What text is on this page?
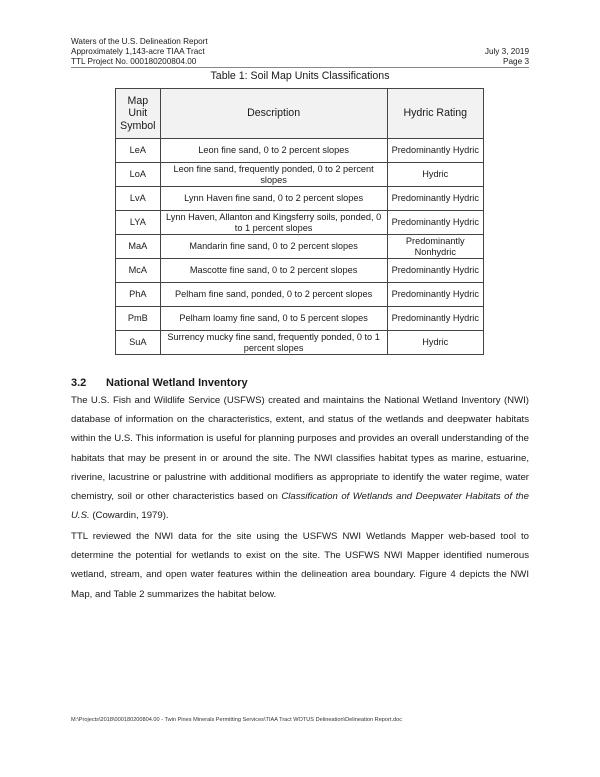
Waters of the U.S. Delineation Report
Approximately 1,143-acre TIAA Tract	July 3, 2019
TTL Project No. 000180200804.00	Page 3
Table 1: Soil Map Units Classifications
Map Unit Symbol	Description	Hydric Rating
LeA	Leon fine sand, 0 to 2 percent slopes	Predominantly Hydric
LoA	Leon fine sand, frequently ponded, 0 to 2 percent slopes	Hydric
LvA	Lynn Haven fine sand, 0 to 2 percent slopes	Predominantly Hydric
LYA	Lynn Haven, Allanton and Kingsferry soils, ponded, 0 to 1 percent slopes	Predominantly Hydric
MaA	Mandarin fine sand, 0 to 2 percent slopes	Predominantly Nonhydric
McA	Mascotte fine sand, 0 to 2 percent slopes	Predominantly Hydric
PhA	Pelham fine sand, ponded, 0 to 2 percent slopes	Predominantly Hydric
PmB	Pelham loamy fine sand, 0 to 5 percent slopes	Predominantly Hydric
SuA	Surrency mucky fine sand, frequently ponded, 0 to 1 percent slopes	Hydric
3.2 National Wetland Inventory

The U.S. Fish and Wildlife Service (USFWS) created and maintains the National Wetland Inventory (NWI) database of information on the characteristics, extent, and status of the wetlands and deepwater habitats within the U.S. This information is useful for planning purposes and provides an overall understanding of the habitats that may be present in or around the site. The NWI classifies habitat types as marine, estuarine, riverine, lacustrine or palustrine with additional modifiers as appropriate to identify the water regime, water chemistry, soil or other characteristics based on Classification of Wetlands and Deepwater Habitats of the U.S. (Cowardin, 1979).

TTL reviewed the NWI data for the site using the USFWS NWI Wetlands Mapper web-based tool to determine the potential for wetlands to exist on the site. The USFWS NWI Mapper identified numerous wetland, stream, and open water features within the delineation area boundary. Figure 4 depicts the NWI Map, and Table 2 summarizes the habitat below.

M:\Projects\2018\000180200804.00 - Twin Pines Minerals Permitting Services\TIAA Tract WOTUS Delineation\Delineation Report.doc
